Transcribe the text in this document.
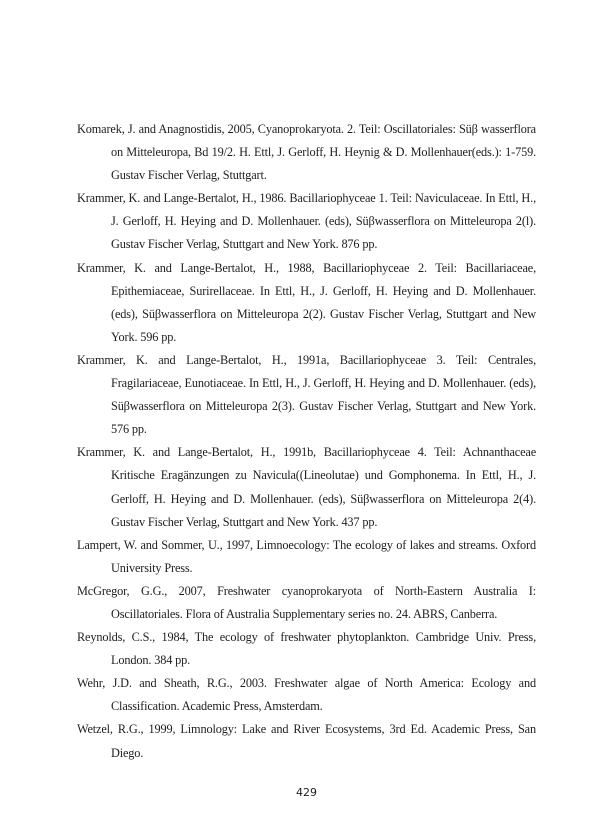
Komarek, J. and Anagnostidis, 2005, Cyanoprokaryota. 2. Teil: Oscillatoriales: Süβ wasserflora on Mitteleuropa, Bd 19/2. H. Ettl, J. Gerloff, H. Heynig & D. Mollenhauer(eds.): 1-759. Gustav Fischer Verlag, Stuttgart.

Krammer, K. and Lange-Bertalot, H., 1986. Bacillariophyceae 1. Teil: Naviculaceae. In Ettl, H., J. Gerloff, H. Heying and D. Mollenhauer. (eds), Süβwasserflora on Mitteleuropa 2(l). Gustav Fischer Verlag, Stuttgart and New York. 876 pp.

Krammer, K. and Lange-Bertalot, H., 1988, Bacillariophyceae 2. Teil: Bacillariaceae, Epithemiaceae, Surirellaceae. In Ettl, H., J. Gerloff, H. Heying and D. Mollenhauer. (eds), Süβwasserflora on Mitteleuropa 2(2). Gustav Fischer Verlag, Stuttgart and New York. 596 pp.

Krammer, K. and Lange-Bertalot, H., 1991a, Bacillariophyceae 3. Teil: Centrales, Fragilariaceae, Eunotiaceae. In Ettl, H., J. Gerloff, H. Heying and D. Mollenhauer. (eds), Süβwasserflora on Mitteleuropa 2(3). Gustav Fischer Verlag, Stuttgart and New York. 576 pp.

Krammer, K. and Lange-Bertalot, H., 1991b, Bacillariophyceae 4. Teil: Achnanthaceae Kritische Eragänzungen zu Navicula((Lineolutae) und Gomphonema. In Ettl, H., J. Gerloff, H. Heying and D. Mollenhauer. (eds), Süβwasserflora on Mitteleuropa 2(4). Gustav Fischer Verlag, Stuttgart and New York. 437 pp.

Lampert, W. and Sommer, U., 1997, Limnoecology: The ecology of lakes and streams. Oxford University Press.

McGregor, G.G., 2007, Freshwater cyanoprokaryota of North-Eastern Australia I: Oscillatoriales. Flora of Australia Supplementary series no. 24. ABRS, Canberra.

Reynolds, C.S., 1984, The ecology of freshwater phytoplankton. Cambridge Univ. Press, London. 384 pp.

Wehr, J.D. and Sheath, R.G., 2003. Freshwater algae of North America: Ecology and Classification. Academic Press, Amsterdam.

Wetzel, R.G., 1999, Limnology: Lake and River Ecosystems, 3rd Ed. Academic Press, San Diego.

429
